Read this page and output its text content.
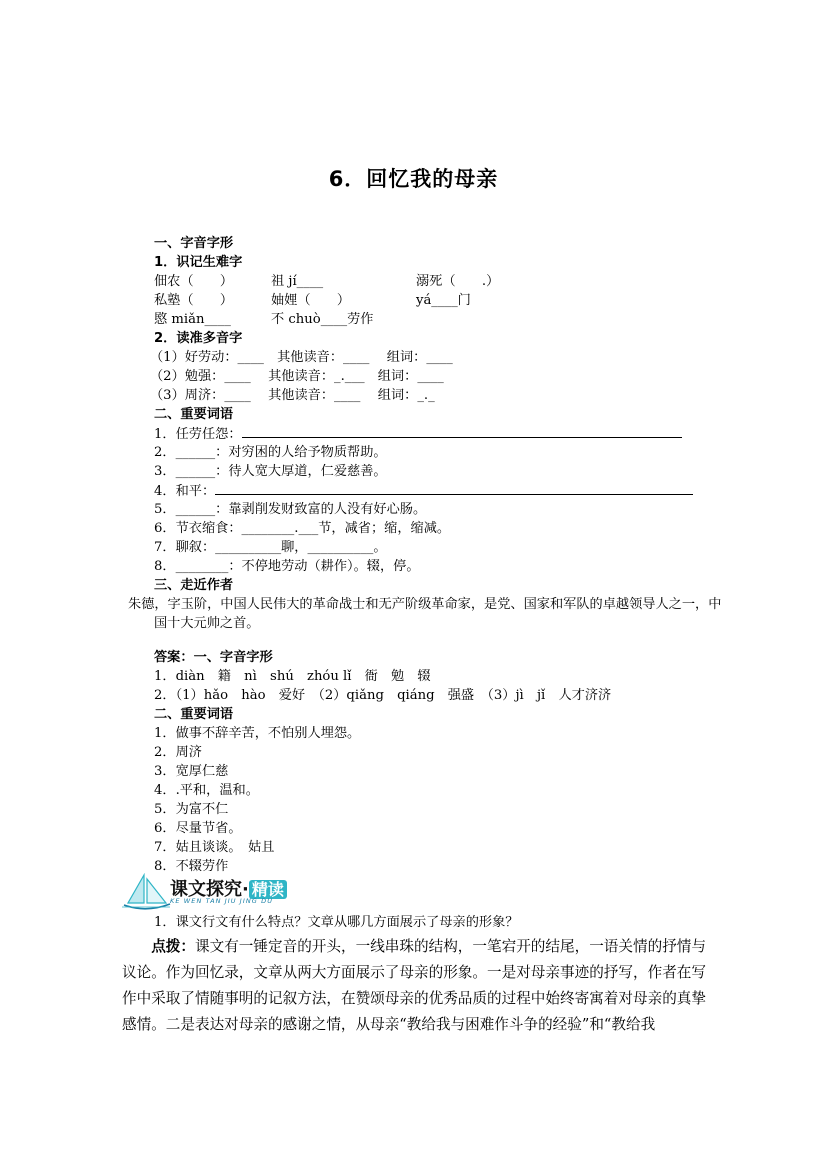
6．回忆我的母亲
一、字音字形
1．识记生难字
佃农（　　）	祖 jí____	溺死（　　.）
私塾（　　）	妯娌（　　）	yá____门
愍 miǎn____	不 chuò____劳作
2．读准多音字
（1）好劳动：____　其他读音：____　 组词：____
（2）勉强：____　 其他读音：_.___　组词：____
（3）周济：____　 其他读音：____　 组词：_._
二、重要词语
1．任劳任怨：
2．______：对穷困的人给予物质帮助。
3．______：待人宽大厚道，仁爱慈善。
4．和平：
5．______：靠剥削发财致富的人没有好心肠。
6．节衣缩食：________.___节，减省；缩，缩减。
7．聊叙：__________聊，__________。
8．________：不停地劳动（耕作）。辍，停。
三、走近作者
朱德，字玉阶，中国人民伟大的革命战士和无产阶级革命家，是党、国家和军队的卓越领导人之一，中国十大元帅之首。
答案：一、字音字形
1．diàn　籍　nì　shú　zhóu lǐ　衙　勉　辍
2．（1）hǎo　hào　爱好　（2）qiǎng　qiáng　强盛　（3）jì　jǐ　人才济济
二、重要词语
1．做事不辞辛苦，不怕别人埋怨。
2．周济
3．宽厚仁慈
4．.平和，温和。
5．为富不仁
6．尽量节省。
7．姑且谈谈。　姑且
8．不辍劳作
课文探究· 精读
KE WEN TAN JIU JING DU
1．课文行文有什么特点？文章从哪几方面展示了母亲的形象？
点拨：课文有一锤定音的开头，一线串珠的结构，一笔宕开的结尾，一语关情的抒情与议论。作为回忆录，文章从两大方面展示了母亲的形象。一是对母亲事迹的抒写，作者在写作中采取了情随事明的记叙方法，在赞颂母亲的优秀品质的过程中始终寄寓着对母亲的真挚感情。二是表达对母亲的感谢之情，从母亲“教给我与困难作斗争的经验”和“教给我
